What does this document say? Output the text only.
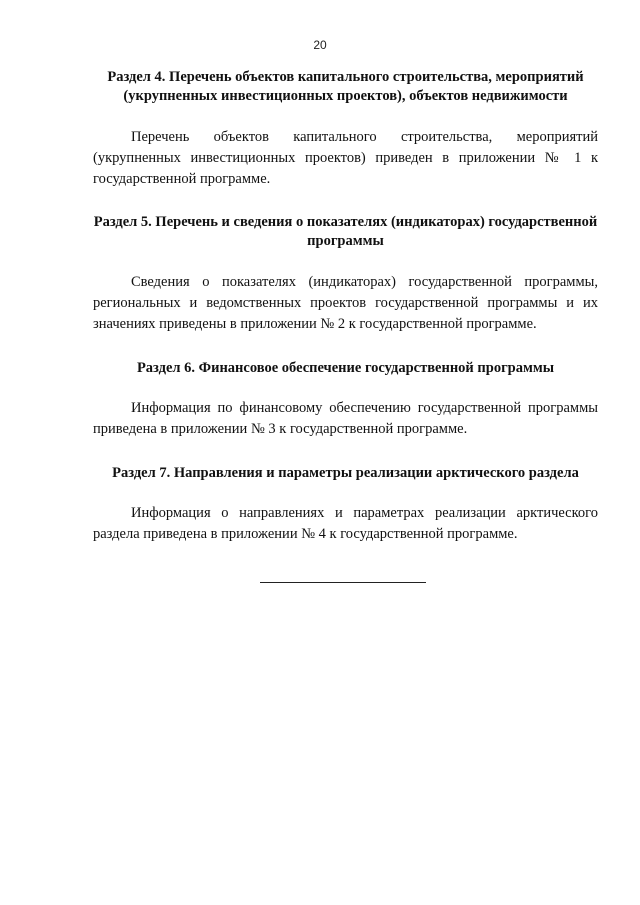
20

Раздел 4. Перечень объектов капитального строительства, мероприятий (укрупненных инвестиционных проектов), объектов недвижимости

Перечень объектов капитального строительства, мероприятий (укрупненных инвестиционных проектов) приведен в приложении № 1 к государственной программе.

Раздел 5. Перечень и сведения о показателях (индикаторах) государственной программы

Сведения о показателях (индикаторах) государственной программы, региональных и ведомственных проектов государственной программы и их значениях приведены в приложении № 2 к государственной программе.

Раздел 6. Финансовое обеспечение государственной программы

Информация по финансовому обеспечению государственной программы приведена в приложении № 3 к государственной программе.

Раздел 7. Направления и параметры реализации арктического раздела

Информация о направлениях и параметрах реализации арктического раздела приведена в приложении № 4 к государственной программе.
